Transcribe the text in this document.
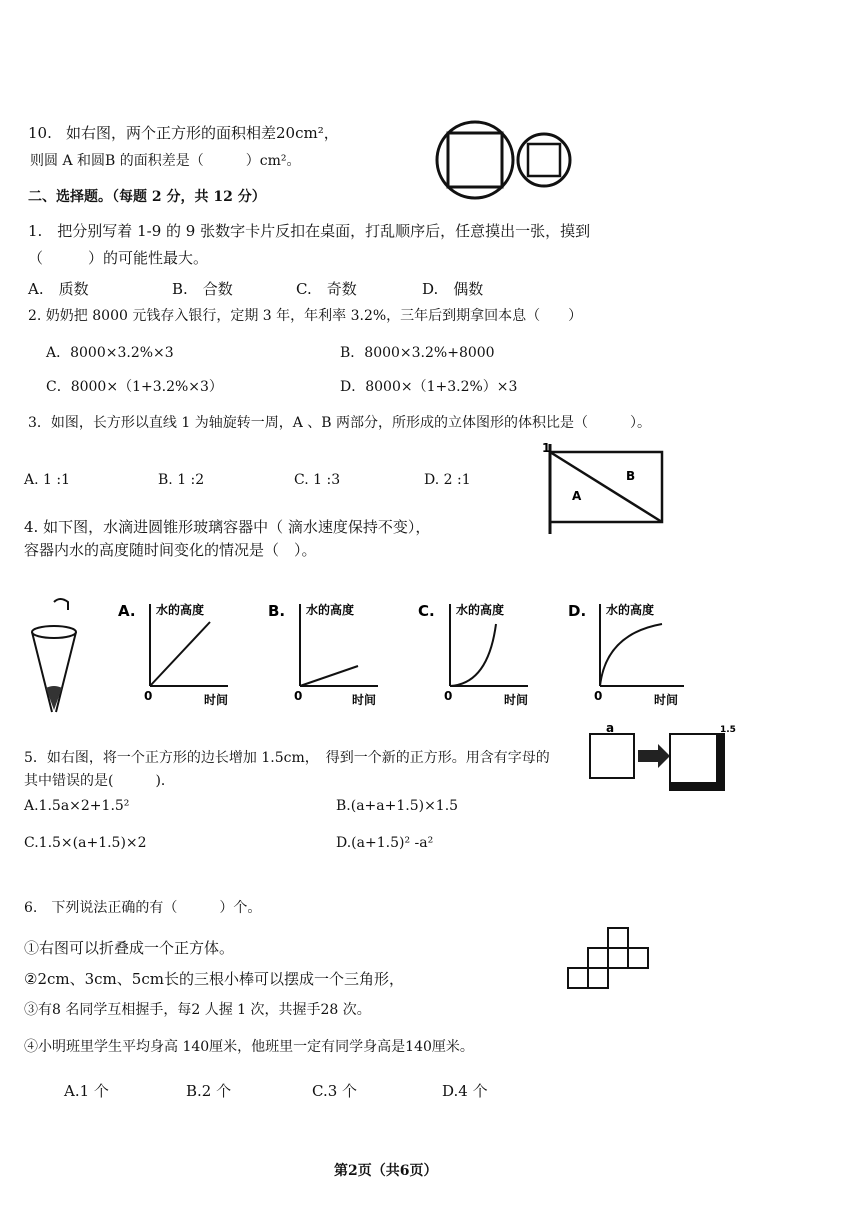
10. 如右图，两个正方形的面积相差20cm²，
则圆 A 和圆B 的面积差是（　　　）cm²。
二、选择题。（每题 2 分，共 12 分）
1.　把分别写着 1-9 的 9 张数字卡片反扣在桌面，打乱顺序后，任意摸出一张，摸到
（　　　）的可能性最大。
A.　质数	B.　合数	C.　奇数	D.　偶数
2. 奶奶把 8000 元钱存入银行，定期 3 年，年利率 3.2%，三年后到期拿回本息（　　）
A．8000×3.2%×3	B．8000×3.2%+8000
C．8000×（1+3.2%×3）	D．8000×（1+3.2%）×3
3．如图，长方形以直线 1 为轴旋转一周，A 、B 两部分，所形成的立体图形的体积比是（　　　）。
A. 1 :1	B. 1 :2	C. 1 :3	D. 2 :1
1
A
B
4. 如下图，水滴进圆锥形玻璃容器中（ 滴水速度保持不变），
容器内水的高度随时间变化的情况是（　）。
A. 水的高度
0	时间
B. 水的高度
0	时间
C. 水的高度
0	时间
D. 水的高度
0	时间
5．如右图，将一个正方形的边长增加 1.5cm，　得到一个新的正方形。用含有字母的
其中错误的是(　　　)．
A.1.5a×2+1.5²	B.(a+a+1.5)×1.5
C.1.5×(a+1.5)×2	D.(a+1.5)² -a²
a	1.5
6.　下列说法正确的有（　　　）个。
①右图可以折叠成一个正方体。
②2cm、3cm、5cm长的三根小棒可以摆成一个三角形，
③有8 名同学互相握手，每2 人握 1 次，共握手28 次。
④小明班里学生平均身高 140厘米，他班里一定有同学身高是140厘米。
A.1 个	B.2 个	C.3 个	D.4 个
第2页（共6页）
